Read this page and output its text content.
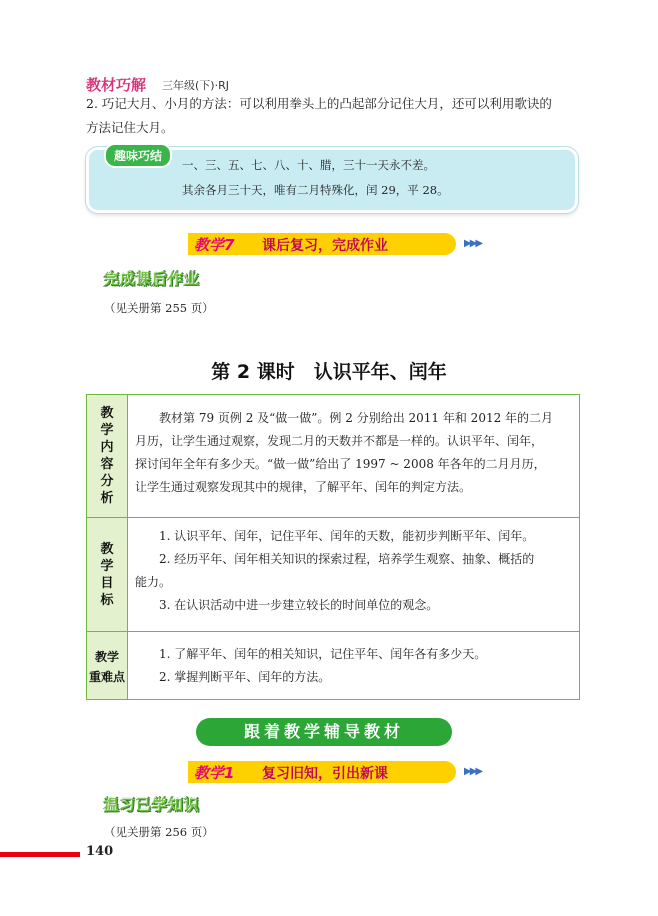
教材巧解 三年级(下)·RJ
2. 巧记大月、小月的方法：可以利用拳头上的凸起部分记住大月，还可以利用歌诀的
方法记住大月。
趣味巧结
一、三、五、七、八、十、腊，三十一天永不差。
其余各月三十天，唯有二月特殊化，闰 29，平 28。
教学7 课后复习，完成作业	▶▶▶
完成课后作业
（见关册第 255 页）
第 2 课时　认识平年、闰年
教
学
内
容
分
析
　　教材第 79 页例 2 及“做一做”。例 2 分别给出 2011 年和 2012 年的二月
月历，让学生通过观察，发现二月的天数并不都是一样的。认识平年、闰年，
探讨闰年全年有多少天。“做一做”给出了 1997 ~ 2008 年各年的二月月历，
让学生通过观察发现其中的规律，了解平年、闰年的判定方法。
教
学
目
标
　　1. 认识平年、闰年，记住平年、闰年的天数，能初步判断平年、闰年。
　　2. 经历平年、闰年相关知识的探索过程，培养学生观察、抽象、概括的
能力。
　　3. 在认识活动中进一步建立较长的时间单位的观念。
教学
重难点
　　1. 了解平年、闰年的相关知识，记住平年、闰年各有多少天。
　　2. 掌握判断平年、闰年的方法。
跟着教学辅导教材
教学1 复习旧知，引出新课	▶▶▶
温习已学知识
（见关册第 256 页）
140
